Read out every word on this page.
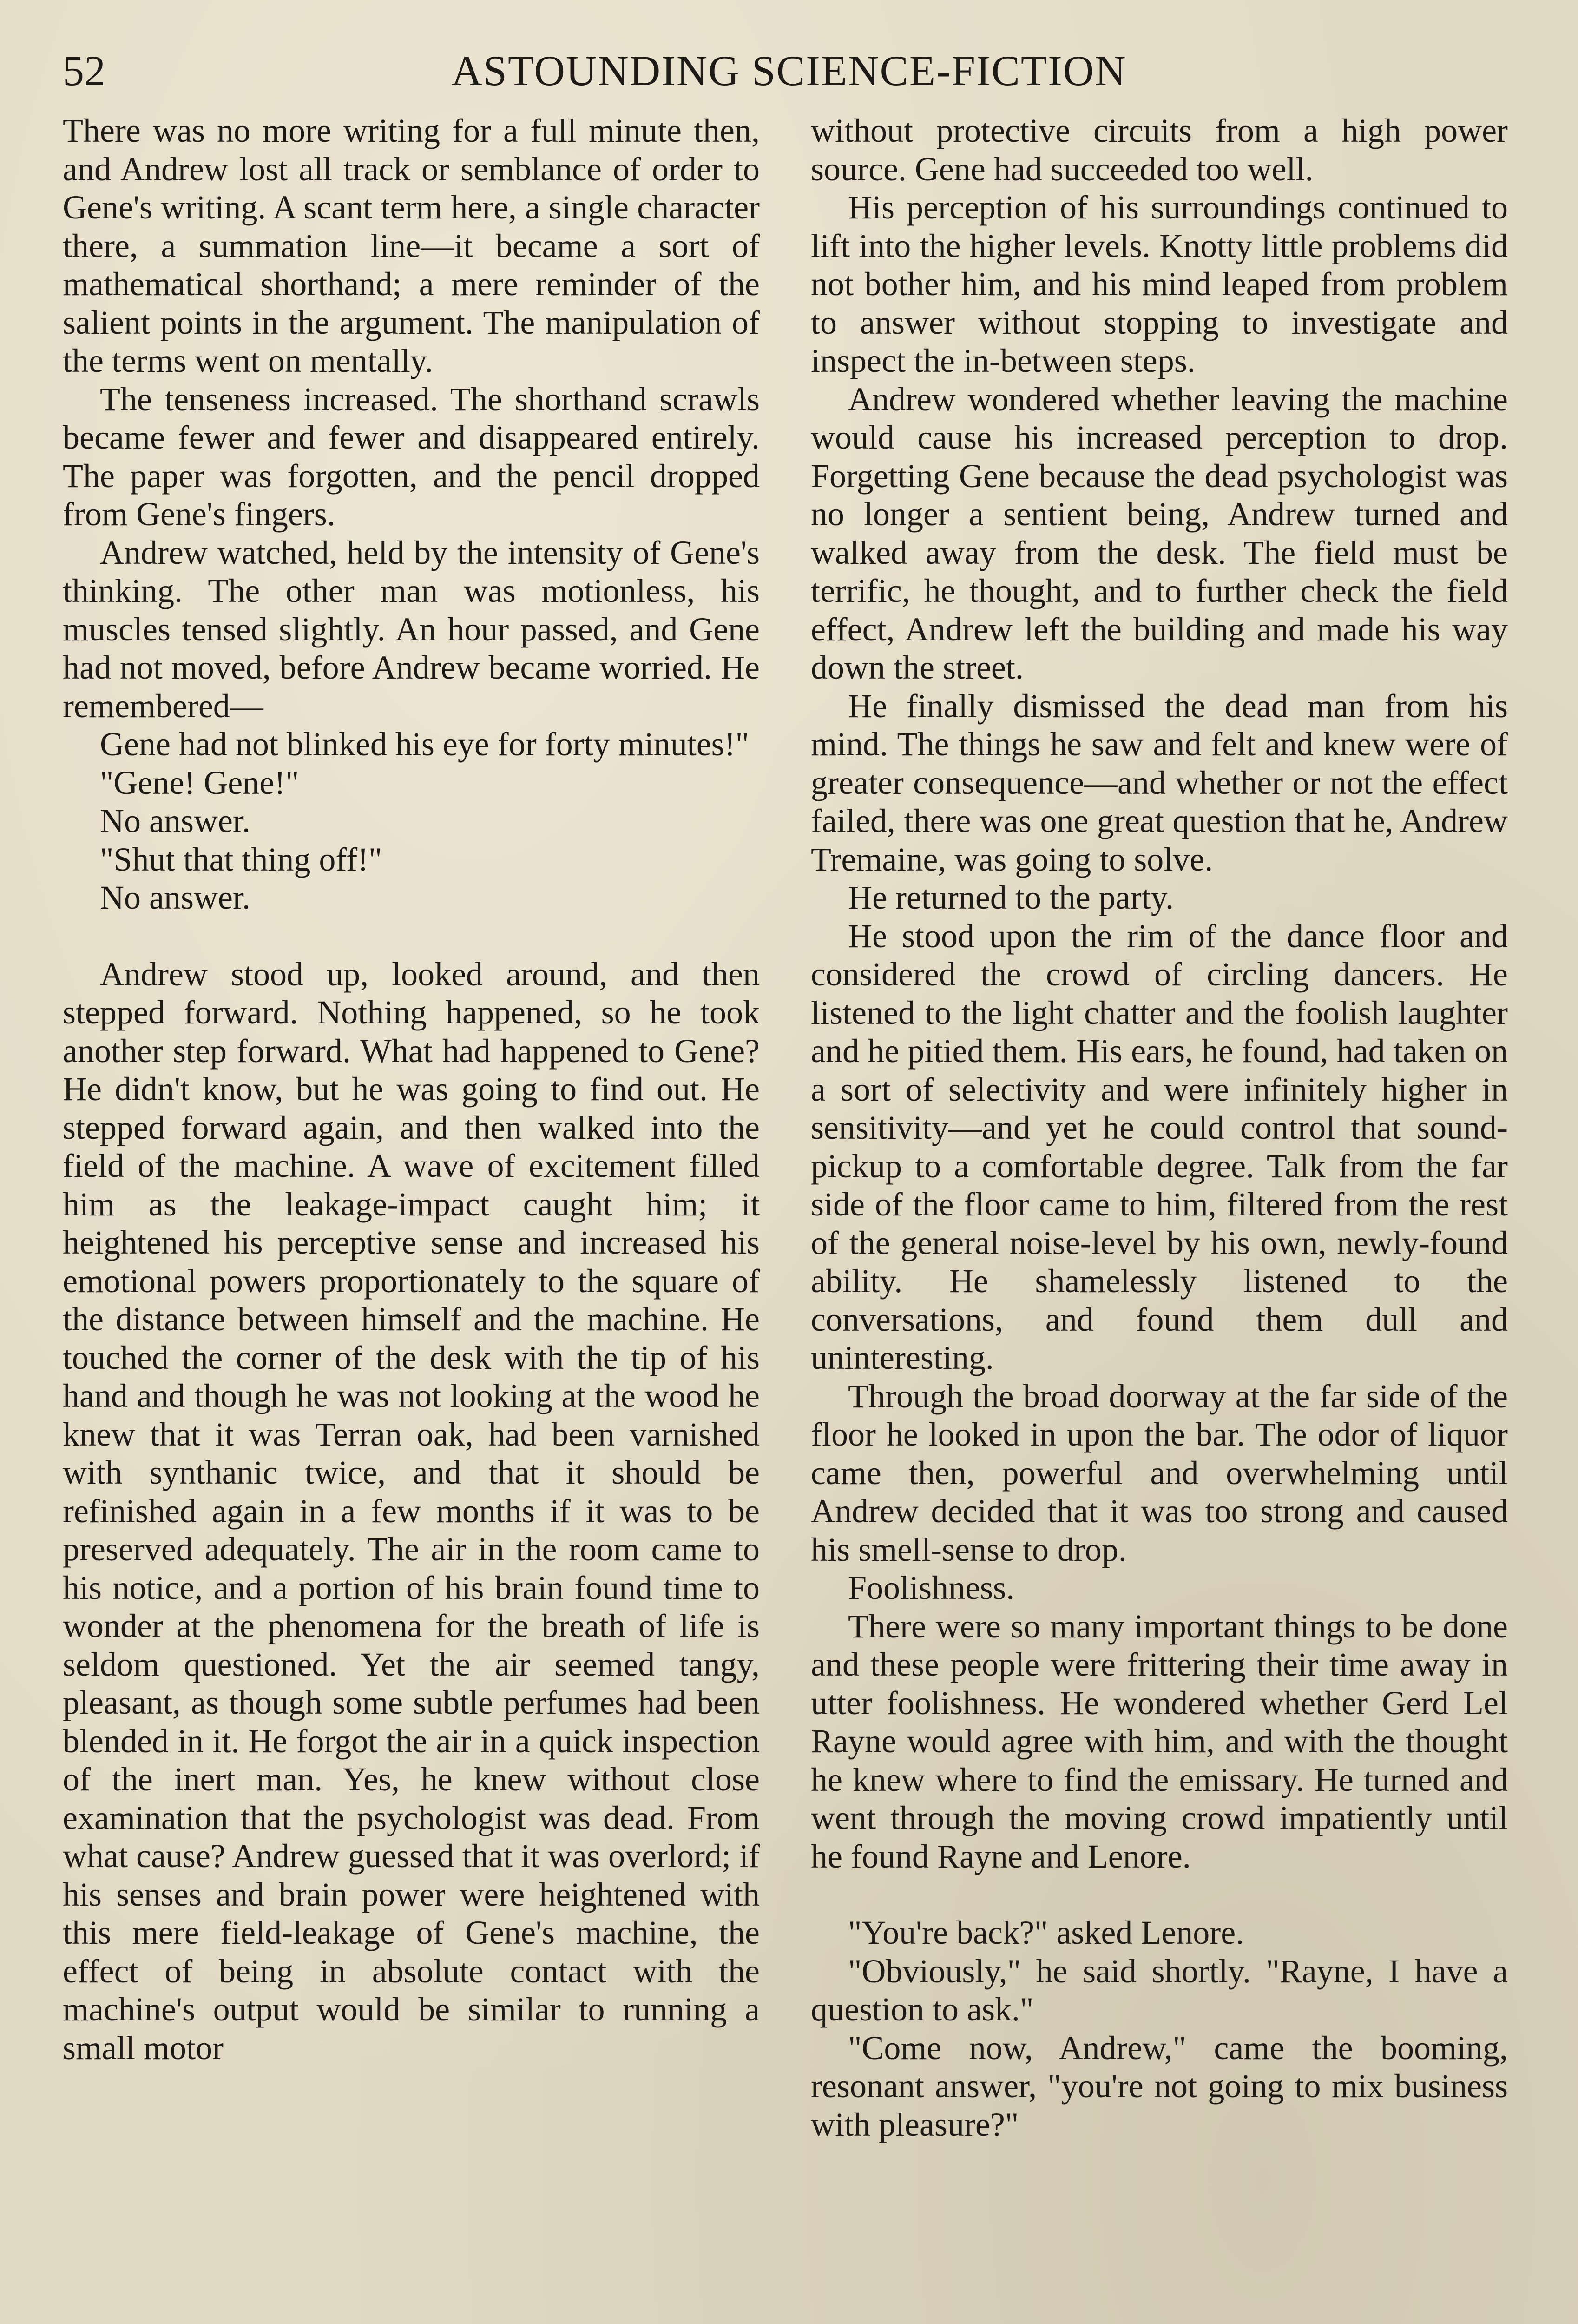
52	ASTOUNDING SCIENCE-FICTION

There was no more writing for a full minute then, and Andrew lost all track or semblance of order to Gene's writing. A scant term here, a single character there, a summation line—it became a sort of mathematical shorthand; a mere reminder of the salient points in the argument. The manipulation of the terms went on mentally.

The tenseness increased. The shorthand scrawls became fewer and fewer and disappeared entirely. The paper was forgotten, and the pencil dropped from Gene's fingers.

Andrew watched, held by the intensity of Gene's thinking. The other man was motionless, his muscles tensed slightly. An hour passed, and Gene had not moved, before Andrew became worried. He remembered—

Gene had not blinked his eye for forty minutes!"

"Gene! Gene!"

No answer.

"Shut that thing off!"

No answer.

Andrew stood up, looked around, and then stepped forward. Nothing happened, so he took another step forward. What had happened to Gene? He didn't know, but he was going to find out. He stepped forward again, and then walked into the field of the machine. A wave of excitement filled him as the leakage-impact caught him; it heightened his perceptive sense and increased his emotional powers proportionately to the square of the distance between himself and the machine. He touched the corner of the desk with the tip of his hand and though he was not looking at the wood he knew that it was Terran oak, had been varnished with synthanic twice, and that it should be refinished again in a few months if it was to be preserved adequately. The air in the room came to his notice, and a portion of his brain found time to wonder at the phenomena for the breath of life is seldom questioned. Yet the air seemed tangy, pleasant, as though some subtle perfumes had been blended in it. He forgot the air in a quick inspection of the inert man. Yes, he knew without close examination that the psychologist was dead. From what cause? Andrew guessed that it was overlord; if his senses and brain power were heightened with this mere field-leakage of Gene's machine, the effect of being in absolute contact with the machine's output would be similar to running a small motor

without protective circuits from a high power source. Gene had succeeded too well.

His perception of his surroundings continued to lift into the higher levels. Knotty little problems did not bother him, and his mind leaped from problem to answer without stopping to investigate and inspect the in-between steps.

Andrew wondered whether leaving the machine would cause his increased perception to drop. Forgetting Gene because the dead psychologist was no longer a sentient being, Andrew turned and walked away from the desk. The field must be terrific, he thought, and to further check the field effect, Andrew left the building and made his way down the street.

He finally dismissed the dead man from his mind. The things he saw and felt and knew were of greater consequence—and whether or not the effect failed, there was one great question that he, Andrew Tremaine, was going to solve.

He returned to the party.

He stood upon the rim of the dance floor and considered the crowd of circling dancers. He listened to the light chatter and the foolish laughter and he pitied them. His ears, he found, had taken on a sort of selectivity and were infinitely higher in sensitivity—and yet he could control that sound-pickup to a comfortable degree. Talk from the far side of the floor came to him, filtered from the rest of the general noise-level by his own, newly-found ability. He shamelessly listened to the conversations, and found them dull and uninteresting.

Through the broad doorway at the far side of the floor he looked in upon the bar. The odor of liquor came then, powerful and overwhelming until Andrew decided that it was too strong and caused his smell-sense to drop.

Foolishness.

There were so many important things to be done and these people were frittering their time away in utter foolishness. He wondered whether Gerd Lel Rayne would agree with him, and with the thought he knew where to find the emissary. He turned and went through the moving crowd impatiently until he found Rayne and Lenore.

"You're back?" asked Lenore.

"Obviously," he said shortly. "Rayne, I have a question to ask."

"Come now, Andrew," came the booming, resonant answer, "you're not going to mix business with pleasure?"
